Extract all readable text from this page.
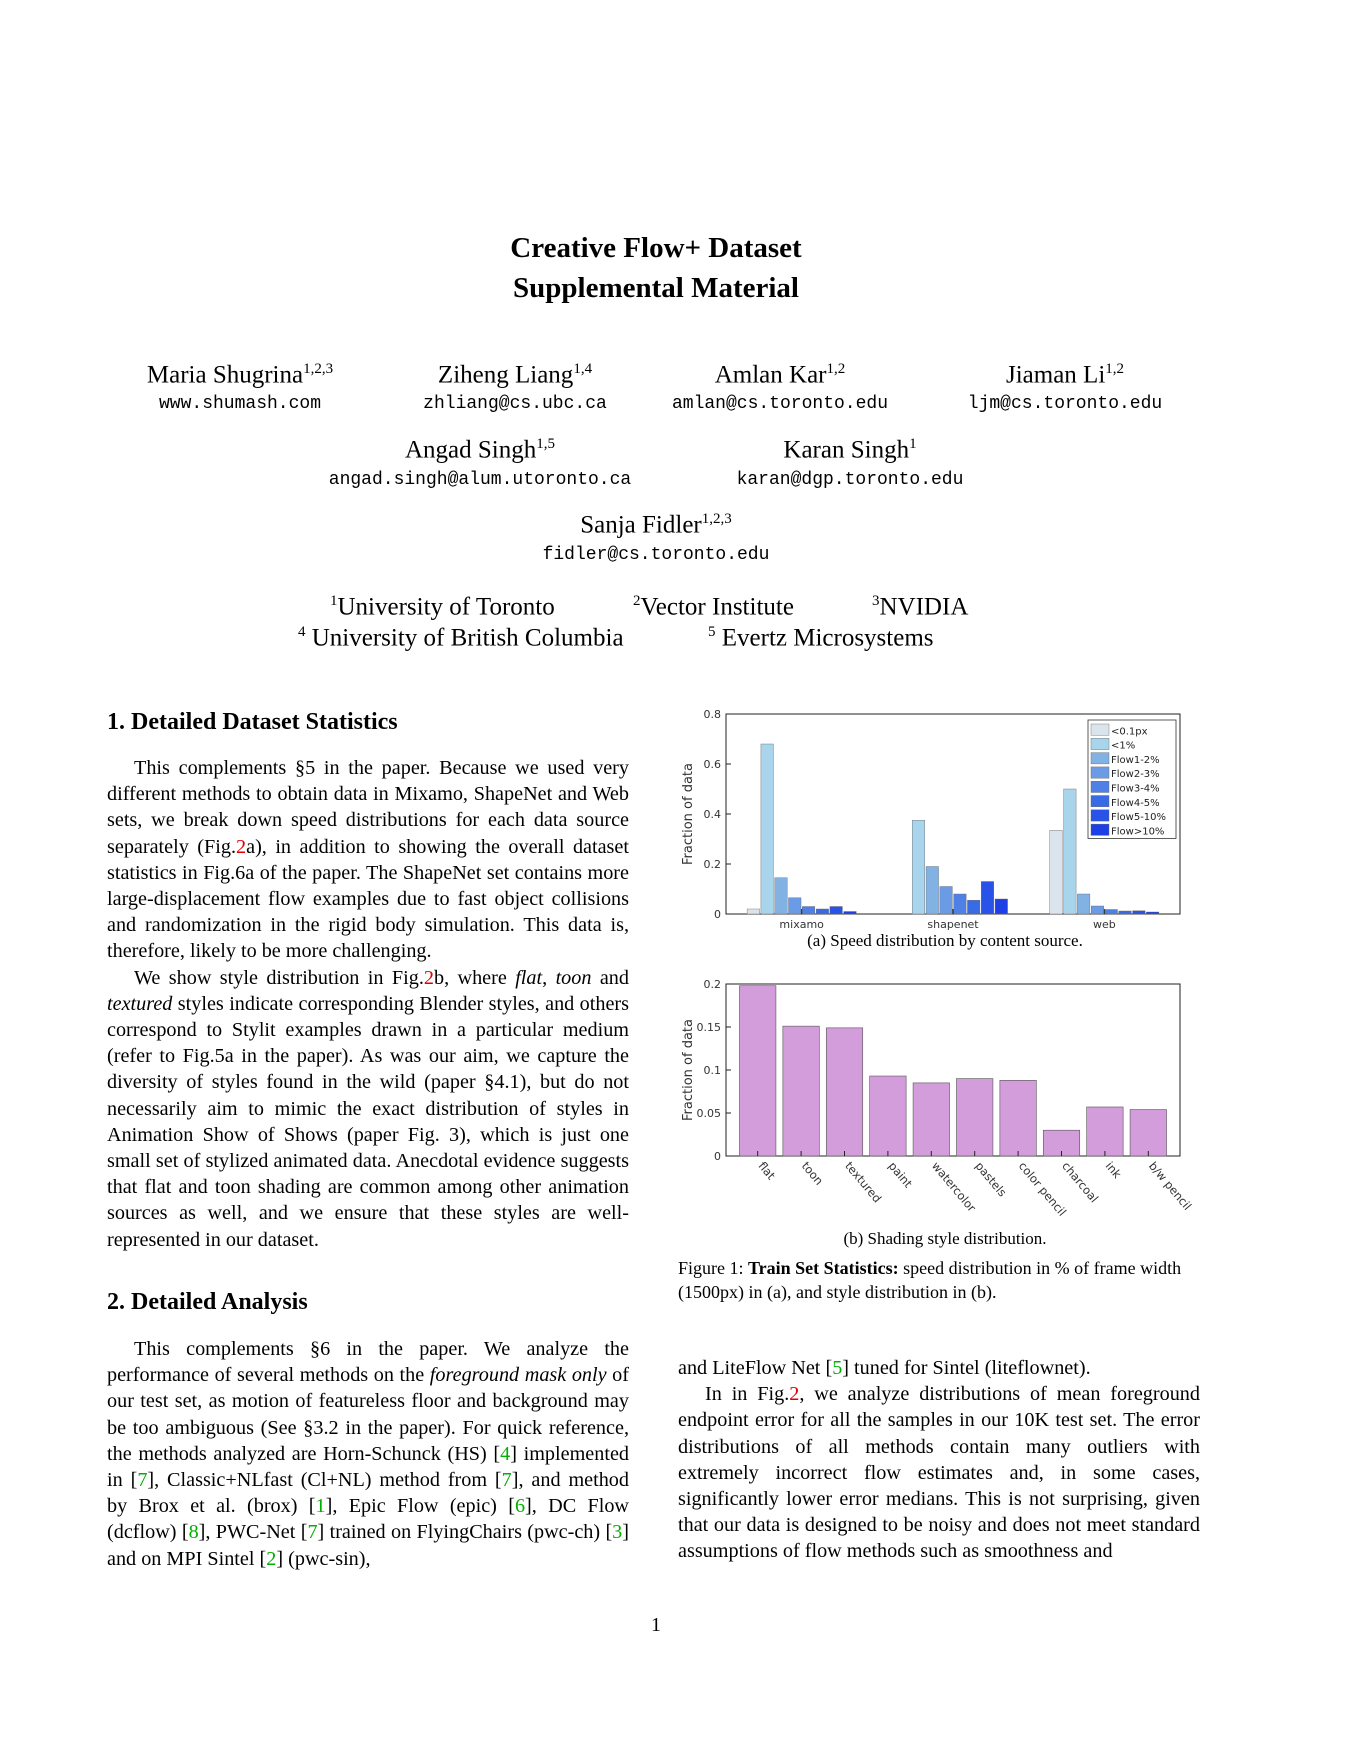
Creative Flow+ Dataset
Supplemental Material
Maria Shugrina$^{1,2,3}$
www.shumash.com
Ziheng Liang$^{1,4}$
zhliang@cs.ubc.ca
Amlan Kar$^{1,2}$
amlan@cs.toronto.edu
Jiaman Li$^{1,2}$
ljm@cs.toronto.edu
Angad Singh$^{1,5}$
angad.singh@alum.utoronto.ca
Karan Singh$^1$
karan@dgp.toronto.edu
Sanja Fidler$^{1,2,3}$
fidler@cs.toronto.edu
$^1$University of Toronto	$^2$Vector Institute	$^3$NVIDIA
$^4$ University of British Columbia	$^5$ Evertz Microsystems
1. Detailed Dataset Statistics

This complements §5 in the paper. Because we used very different methods to obtain data in Mixamo, ShapeNet and Web sets, we break down speed distributions for each data source separately (Fig.2a), in addition to showing the overall dataset statistics in Fig.6a of the paper. The ShapeNet set contains more large-displacement flow examples due to fast object collisions and randomization in the rigid body simulation. This data is, therefore, likely to be more challenging.

We show style distribution in Fig.2b, where flat, toon and textured styles indicate corresponding Blender styles, and others correspond to Stylit examples drawn in a particular medium (refer to Fig.5a in the paper). As was our aim, we capture the diversity of styles found in the wild (paper §4.1), but do not necessarily aim to mimic the exact distribution of styles in Animation Show of Shows (paper Fig. 3), which is just one small set of stylized animated data. Anecdotal evidence suggests that flat and toon shading are common among other animation sources as well, and we ensure that these styles are well-represented in our dataset.

2. Detailed Analysis

This complements §6 in the paper. We analyze the performance of several methods on the foreground mask only of our test set, as motion of featureless floor and background may be too ambiguous (See §3.2 in the paper). For quick reference, the methods analyzed are Horn-Schunck (HS) [4] implemented in [7], Classic+NLfast (Cl+NL) method from [7], and method by Brox et al. (brox) [1], Epic Flow (epic) [6], DC Flow (dcflow) [8], PWC-Net [7] trained on FlyingChairs (pwc-ch) [3] and on MPI Sintel [2] (pwc-sin),

0
0.2
0.4
0.6
0.8
Fraction of data
mixamo	shapenet	web
<0.1px
<1%
Flow1-2%
Flow2-3%
Flow3-4%
Flow4-5%
Flow5-10%
Flow>10%
(a) Speed distribution by content source.
0
0.05
0.1
0.15
0.2
Fraction of data
flat toon textured paint watercolor
pastels color pencil
charcoal ink b/w pencil
(b) Shading style distribution.
Figure 1: Train Set Statistics: speed distribution in % of frame width (1500px) in (a), and style distribution in (b).

and LiteFlow Net [5] tuned for Sintel (liteflownet).

In in Fig.2, we analyze distributions of mean foreground endpoint error for all the samples in our 10K test set. The error distributions of all methods contain many outliers with extremely incorrect flow estimates and, in some cases, significantly lower error medians. This is not surprising, given that our data is designed to be noisy and does not meet standard assumptions of flow methods such as smoothness and

1
